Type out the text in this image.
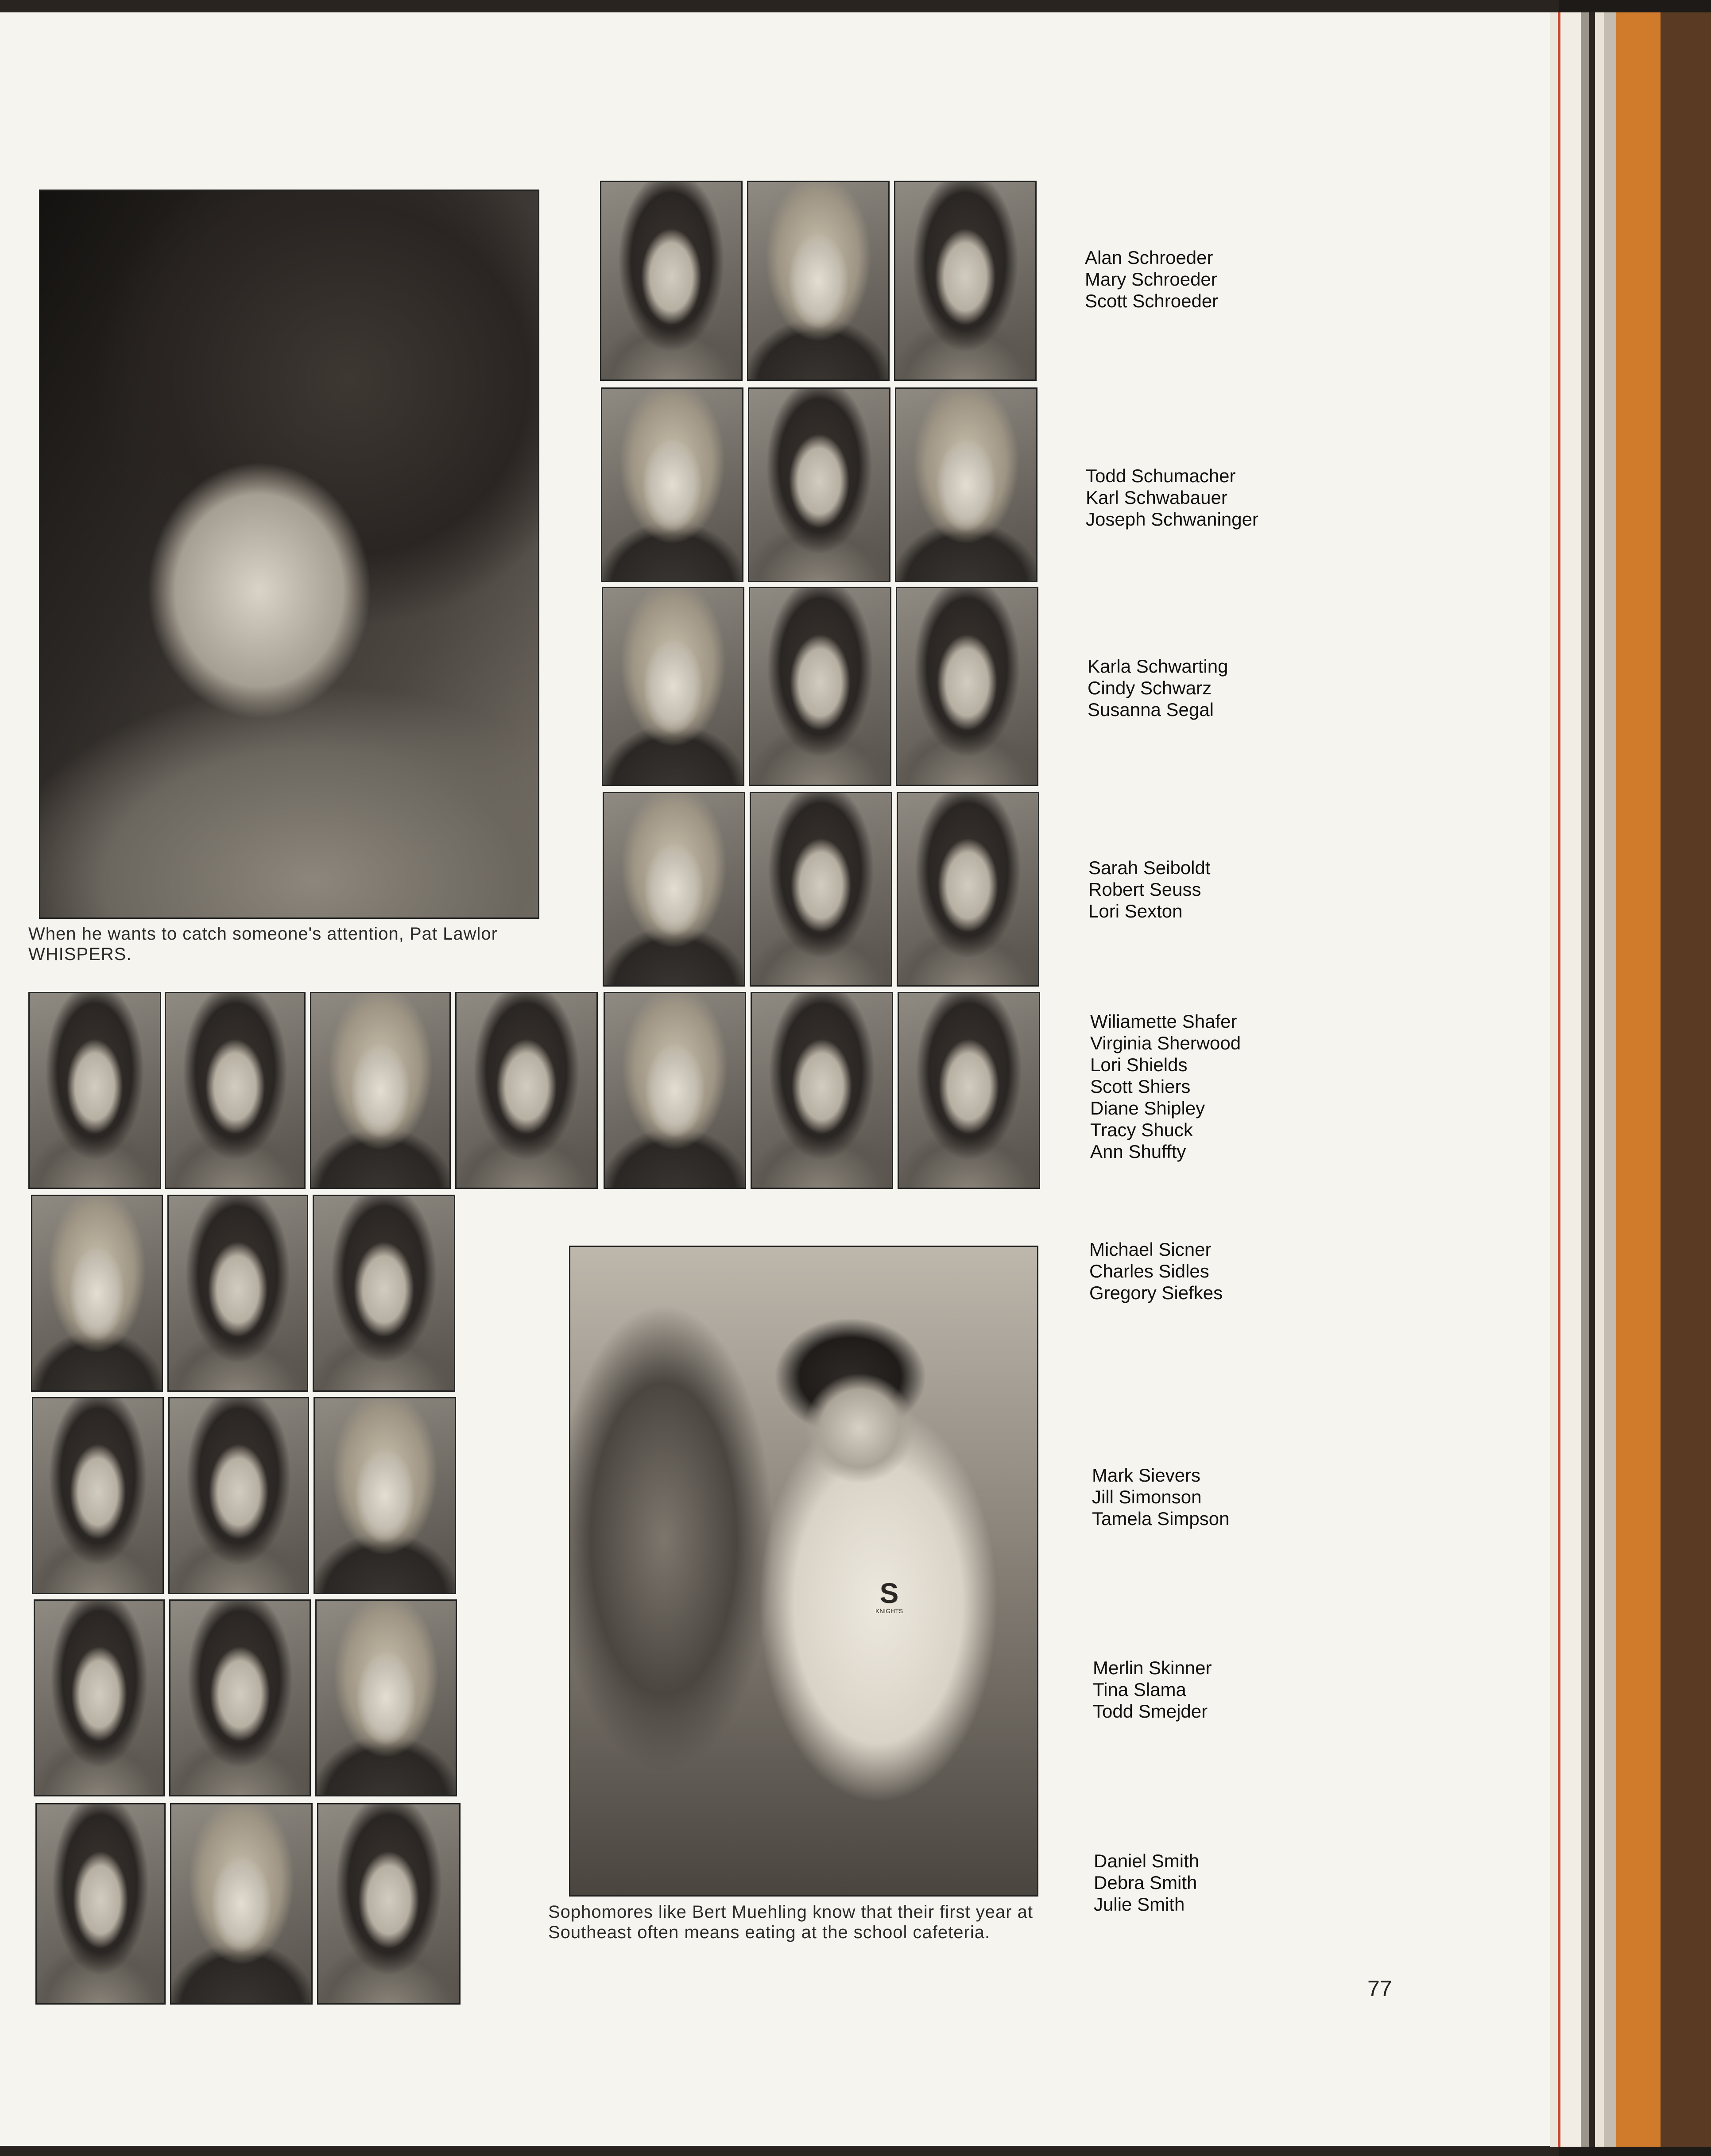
When he wants to catch someone's attention, Pat Lawlor WHISPERS.
S
KNIGHTS
Sophomores like Bert Muehling know that their first year at Southeast often means eating at the school cafeteria.
Alan Schroeder
Mary Schroeder
Scott Schroeder
Todd Schumacher
Karl Schwabauer
Joseph Schwaninger
Karla Schwarting
Cindy Schwarz
Susanna Segal
Sarah Seiboldt
Robert Seuss
Lori Sexton
Wiliamette Shafer
Virginia Sherwood
Lori Shields
Scott Shiers
Diane Shipley
Tracy Shuck
Ann Shuffty
Michael Sicner
Charles Sidles
Gregory Siefkes
Mark Sievers
Jill Simonson
Tamela Simpson
Merlin Skinner
Tina Slama
Todd Smejder
Daniel Smith
Debra Smith
Julie Smith
77
